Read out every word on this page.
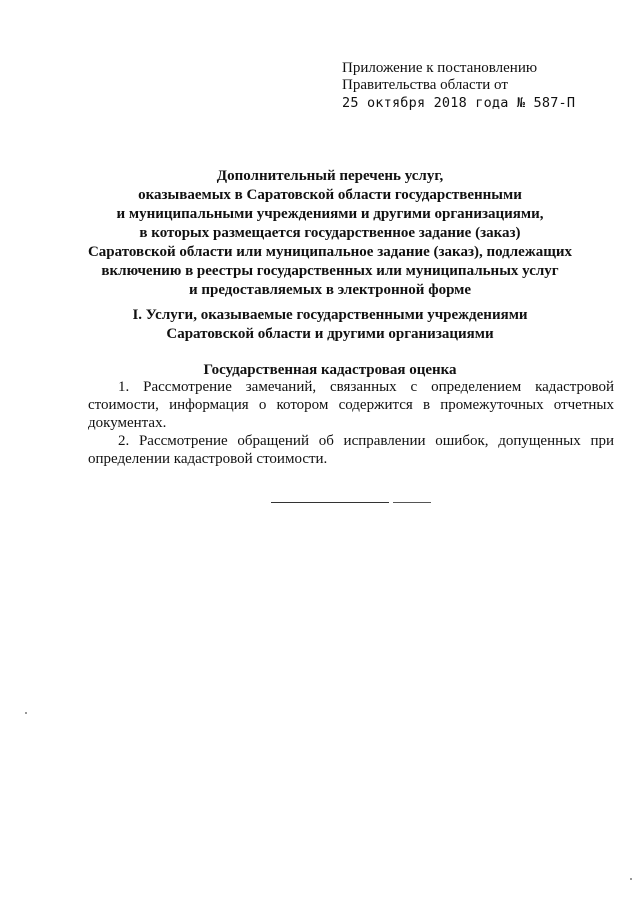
Приложение к постановлению
Правительства области от
25 октября 2018 года № 587-П
Дополнительный перечень услуг,
оказываемых в Саратовской области государственными
и муниципальными учреждениями и другими организациями,
в которых размещается государственное задание (заказ)
Саратовской области или муниципальное задание (заказ), подлежащих
включению в реестры государственных или муниципальных услуг
и предоставляемых в электронной форме
I. Услуги, оказываемые государственными учреждениями
Саратовской области и другими организациями
Государственная кадастровая оценка

1. Рассмотрение замечаний, связанных с определением кадастровой стоимости, информация о котором содержится в промежуточных отчетных документах.

2. Рассмотрение обращений об исправлении ошибок, допущенных при определении кадастровой стоимости.
